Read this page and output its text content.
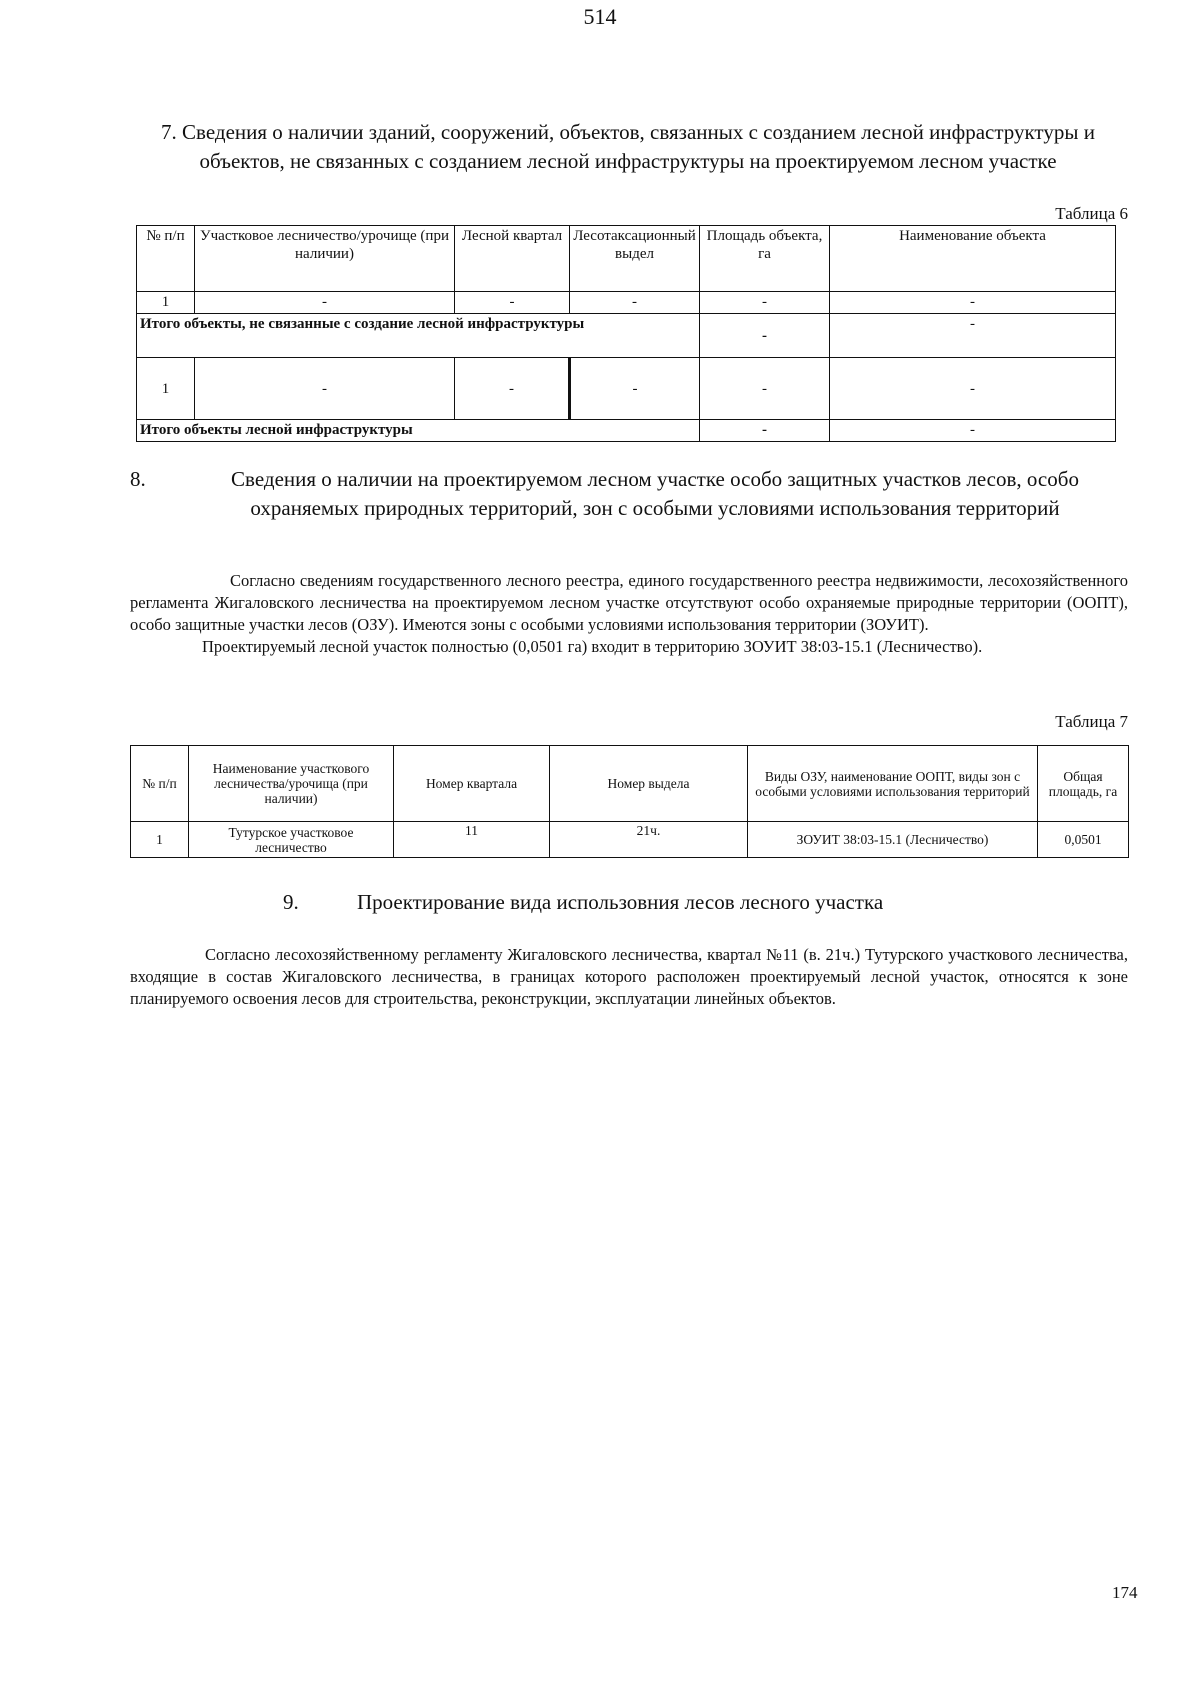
514
7. Сведения о наличии зданий, сооружений, объектов, связанных с созданием лесной инфраструктуры и объектов, не связанных с созданием лесной инфраструктуры на проектируемом лесном участке
Таблица 6
№ п/п	Участковое лесничество/урочище (при наличии)	Лесной квартал	Лесотаксационный выдел	Площадь объекта, га	Наименование объекта
1	-	-	-	-	-
Итого объекты, не связанные с создание лесной инфраструктуры				-	-
1	-	-	-	-	-
Итого объекты лесной инфраструктуры				-	-
8.	Сведения о наличии на проектируемом лесном участке особо защитных участков лесов, особо охраняемых природных территорий, зон с особыми условиями использования территорий

Согласно сведениям государственного лесного реестра, единого государственного реестра недвижимости, лесохозяйственного регламента Жигаловского лесничества на проектируемом лесном участке отсутствуют особо охраняемые природные территории (ООПТ), особо защитные участки лесов (ОЗУ). Имеются зоны с особыми условиями использования территории (ЗОУИТ).

Проектируемый лесной участок полностью (0,0501 га) входит в территорию ЗОУИТ 38:03-15.1 (Лесничество).

Таблица 7
№ п/п	Наименование участкового лесничества/урочища (при наличии)	Номер квартала	Номер выдела	Виды ОЗУ, наименование ООПТ, виды зон с особыми условиями использования территорий	Общая площадь, га
1	Тутурское участковое лесничество	11	21ч.	ЗОУИТ 38:03-15.1 (Лесничество)	0,0501
9.	Проектирование вида использовния лесов лесного участка

Согласно лесохозяйственному регламенту Жигаловского лесничества, квартал №11 (в. 21ч.) Тутурского участкового лесничества, входящие в состав Жигаловского лесничества, в границах которого расположен проектируемый лесной участок, относятся к зоне планируемого освоения лесов для строительства, реконструкции, эксплуатации линейных объектов.

174
